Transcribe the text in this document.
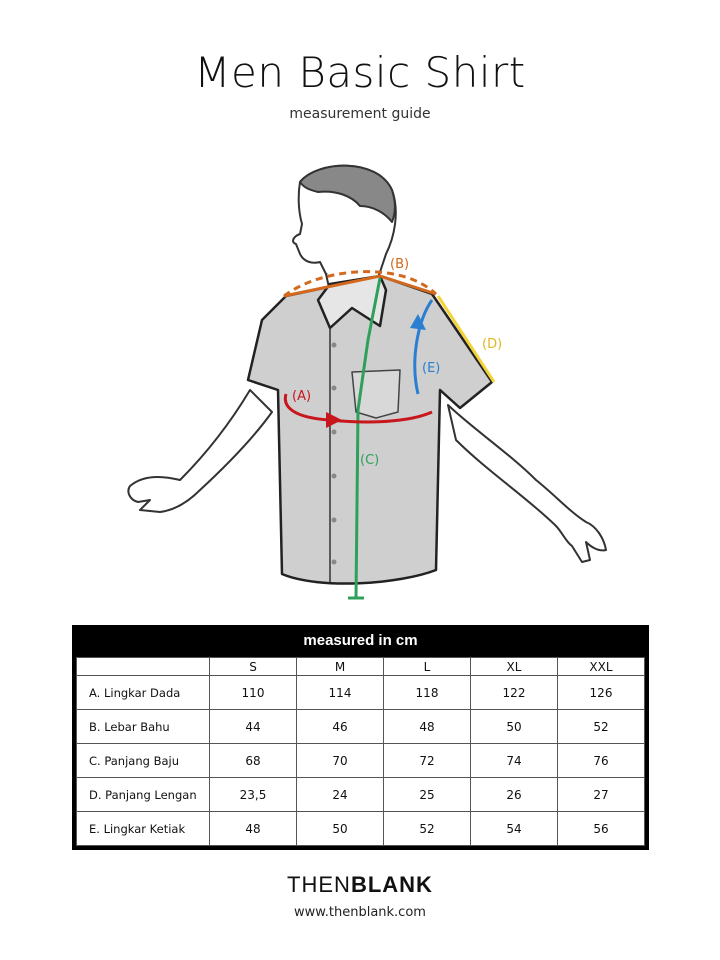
Men Basic Shirt
measurement guide
(A)
(B)
(C)
(D)
(E)
measured in cm
	S	M	L	XL	XXL
A. Lingkar Dada	110	114	118	122	126
B. Lebar Bahu	44	46	48	50	52
C. Panjang Baju	68	70	72	74	76
D. Panjang Lengan	23,5	24	25	26	27
E. Lingkar Ketiak	48	50	52	54	56
THENBLANK
www.thenblank.com
